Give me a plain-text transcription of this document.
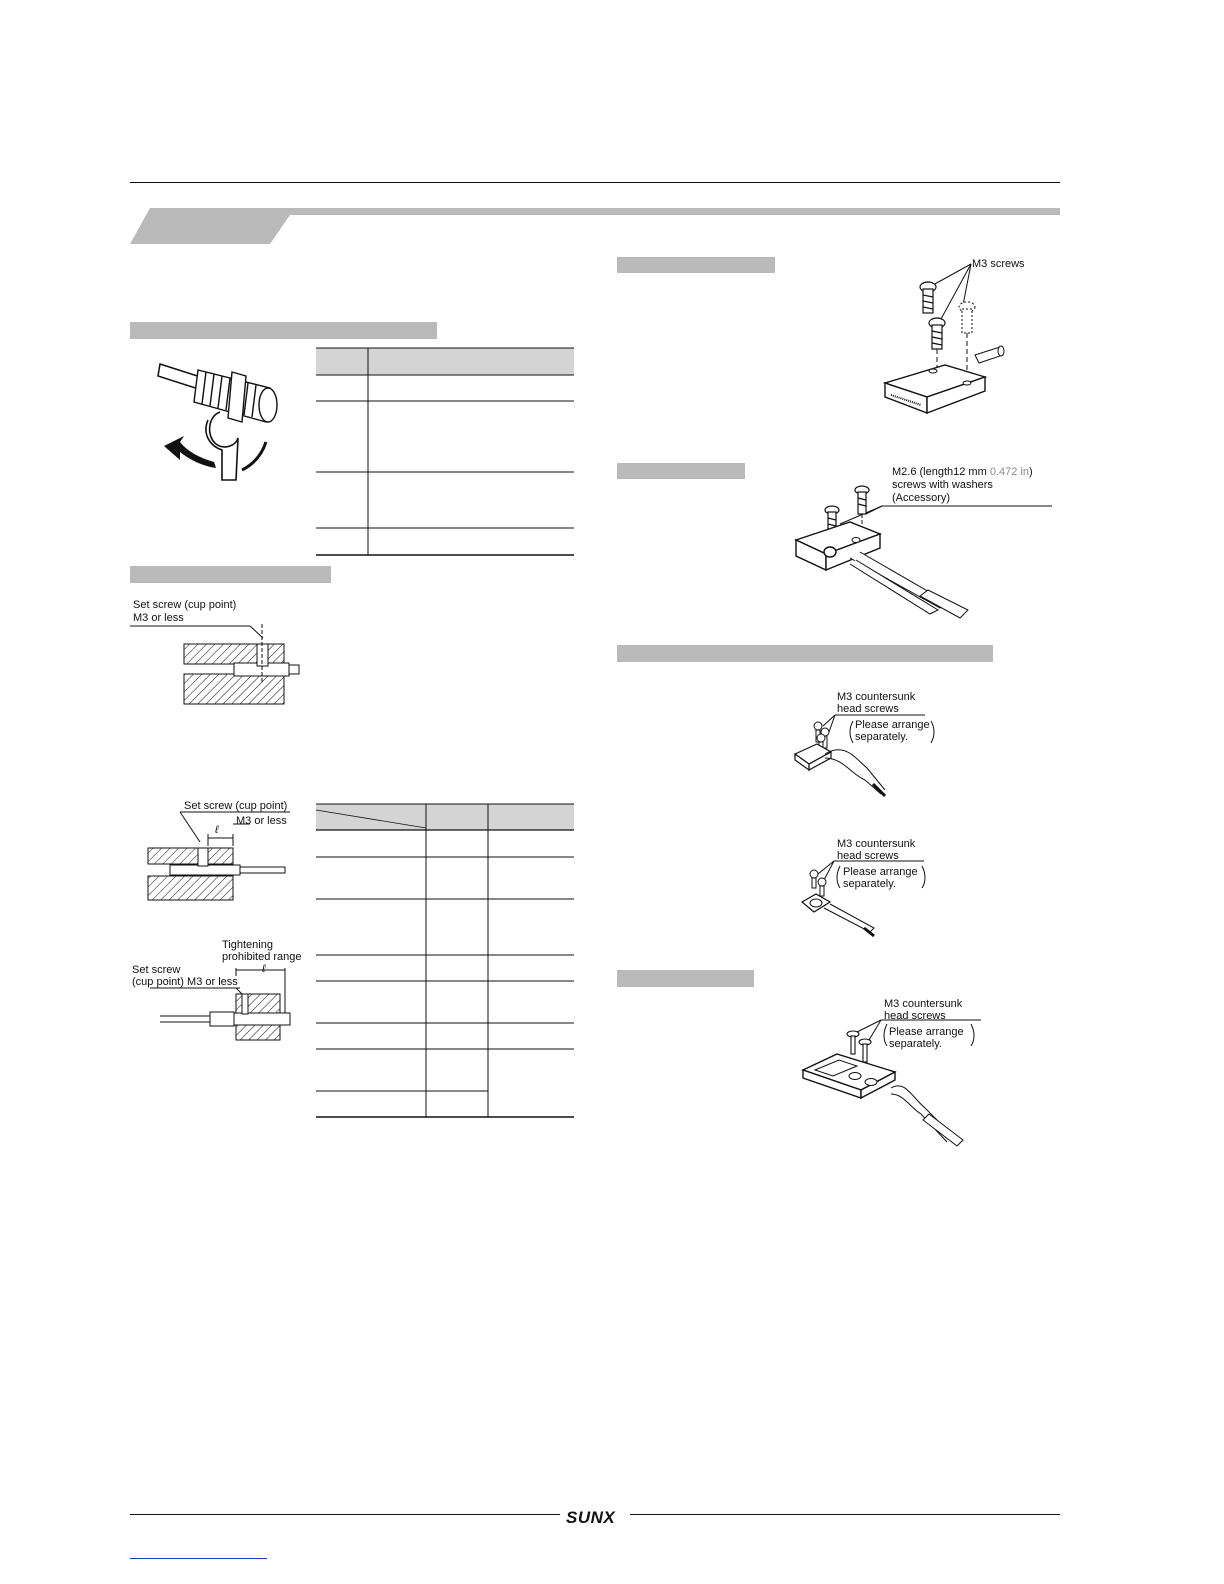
Set screw (cup point)
M3 or less
Set screw (cup point)
M3 or less
ℓ
Tightening
prohibited range
Set screw
(cup point) M3 or less
ℓ
M3 screws
M2.6 (length12 mm 0.472 in)
screws with washers
(Accessory)
M3 countersunk
head screws
Please arrange
separately.
M3 countersunk
head screws
Please arrange
separately.
M3 countersunk
head screws
Please arrange
separately.
SUNX
